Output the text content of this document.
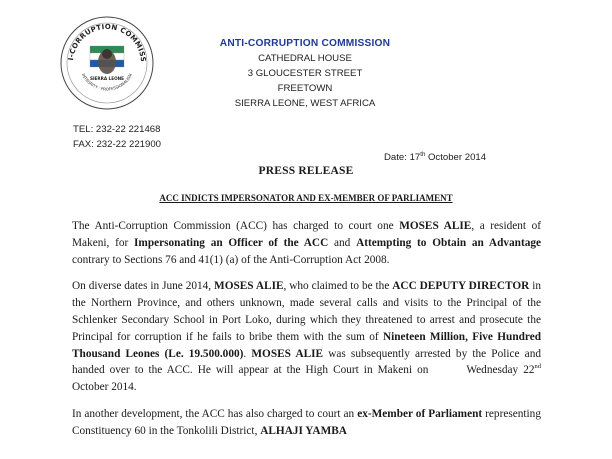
I-CORRUPTION COMMISS
INTEGRITY · PROFESSIONALISM
SIERRA LEONE
ANTI-CORRUPTION COMMISSION
CATHEDRAL HOUSE
3 GLOUCESTER STREET
FREETOWN
SIERRA LEONE, WEST AFRICA
TEL: 232-22 221468
FAX: 232-22 221900
Date: 17th October 2014
PRESS RELEASE
ACC INDICTS IMPERSONATOR AND EX-MEMBER OF PARLIAMENT

The Anti-Corruption Commission (ACC) has charged to court one MOSES ALIE, a resident of Makeni, for Impersonating an Officer of the ACC and Attempting to Obtain an Advantage contrary to Sections 76 and 41(1) (a) of the Anti-Corruption Act 2008.

On diverse dates in June 2014, MOSES ALIE, who claimed to be the ACC DEPUTY DIRECTOR in the Northern Province, and others unknown, made several calls and visits to the Principal of the Schlenker Secondary School in Port Loko, during which they threatened to arrest and prosecute the Principal for corruption if he fails to bribe them with the sum of Nineteen Million, Five Hundred Thousand Leones (Le. 19.500.000). MOSES ALIE was subsequently arrested by the Police and handed over to the ACC. He will appear at the High Court in Makeni on	Wednesday 22nd October 2014.

In another development, the ACC has also charged to court an ex-Member of Parliament representing Constituency 60 in the Tonkolili District, ALHAJI YAMBA
